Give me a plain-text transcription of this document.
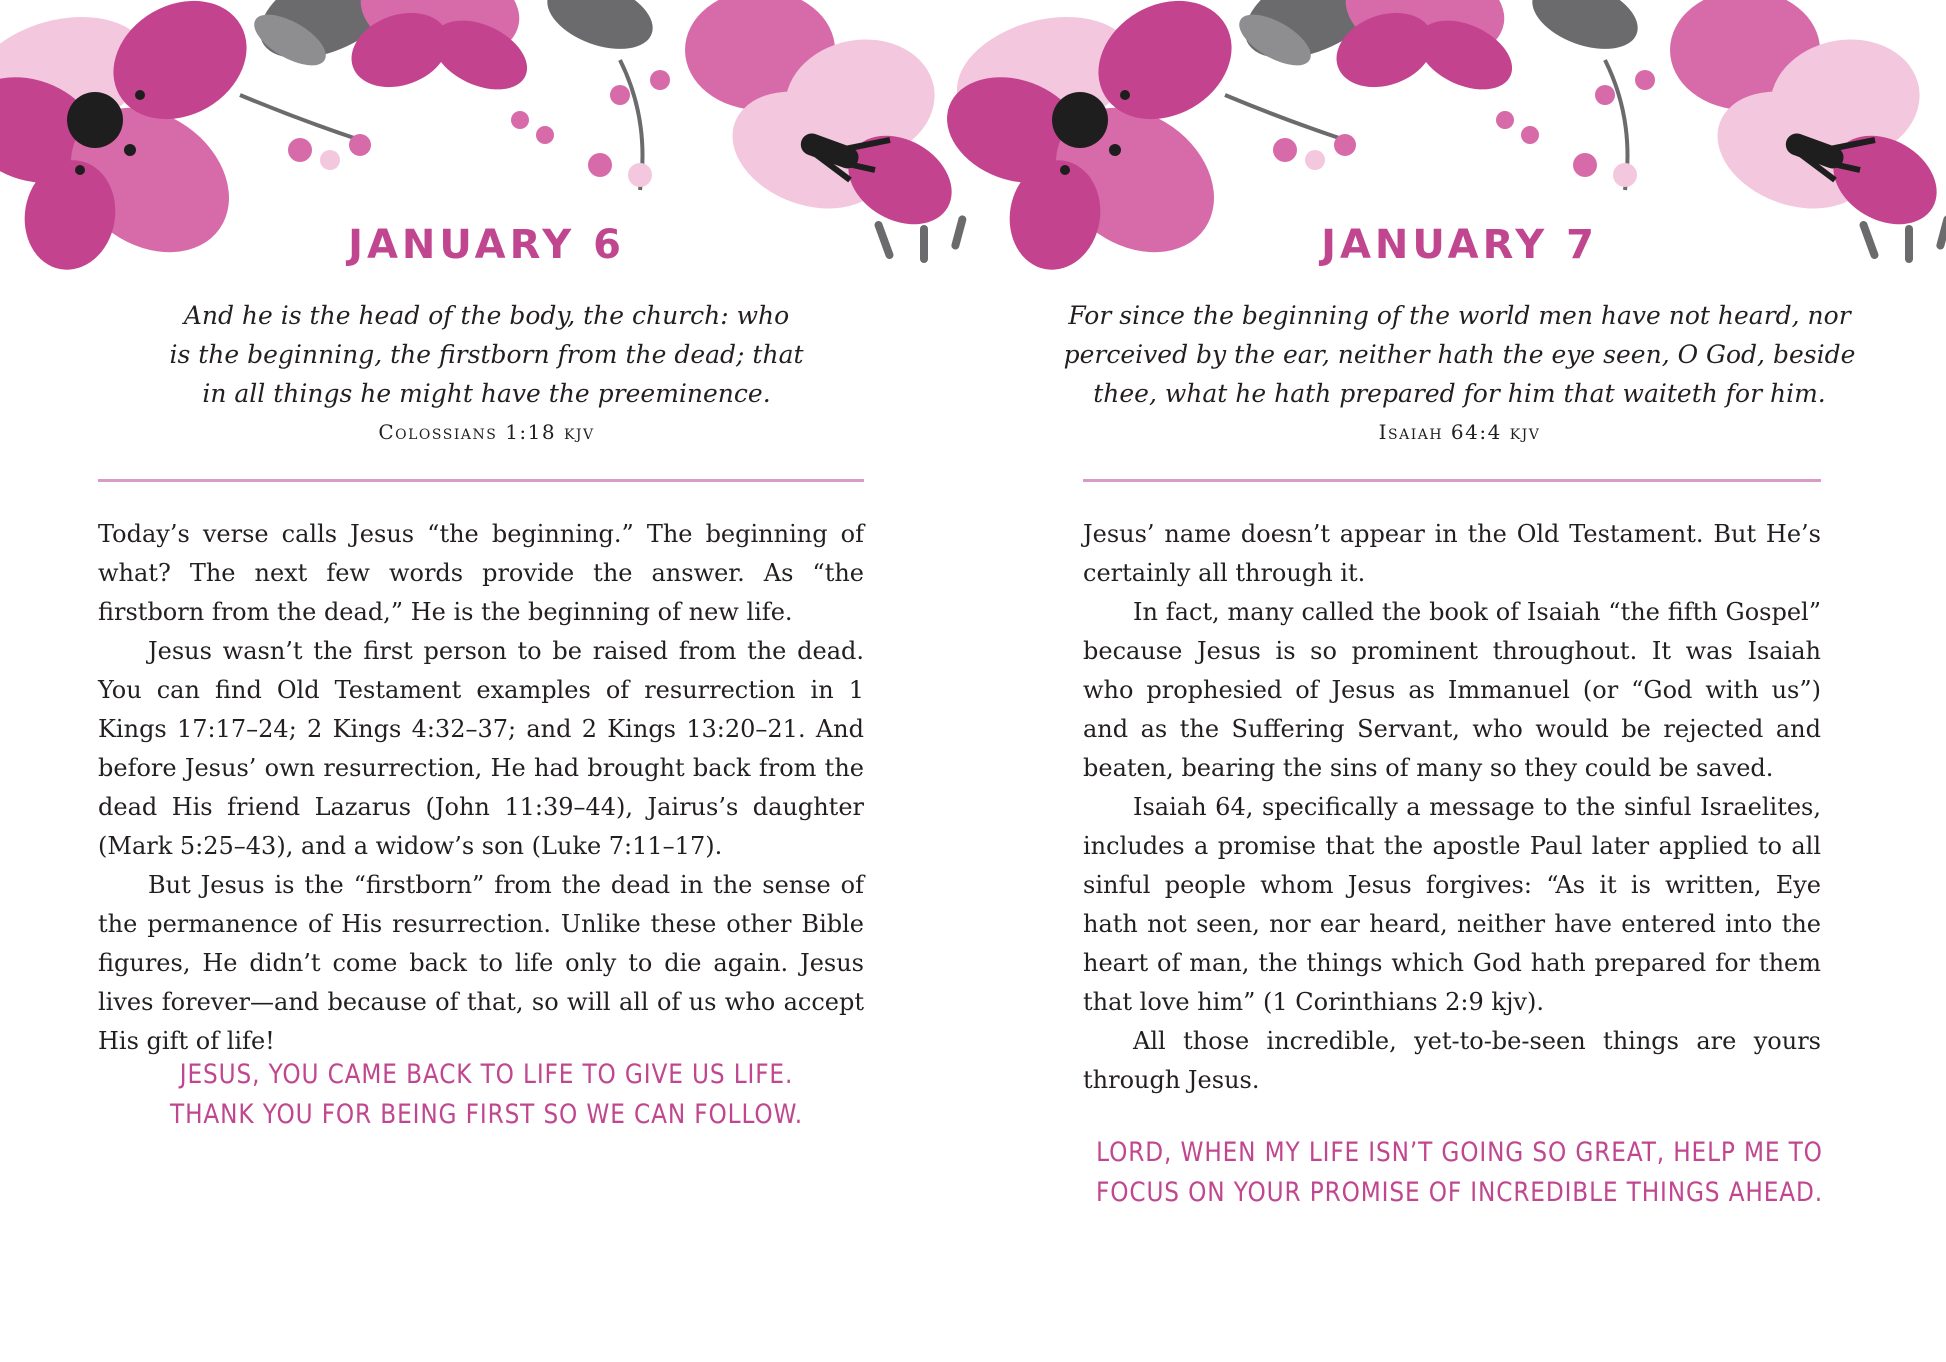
JANUARY 6
And he is the head of the body, the church: who
is the beginning, the firstborn from the dead; that
in all things he might have the preeminence.

Colossians 1:18 kjv

Today’s verse calls Jesus “the beginning.” The beginning of what? The next few words provide the answer. As “the firstborn from the dead,” He is the beginning of new life.

Jesus wasn’t the first person to be raised from the dead. You can find Old Testament examples of resurrection in 1 Kings 17:17–24; 2 Kings 4:32–37; and 2 Kings 13:20–21. And before Jesus’ own resurrection, He had brought back from the dead His friend Lazarus (John 11:39–44), Jairus’s daughter (Mark 5:25–43), and a widow’s son (Luke 7:11–17).

But Jesus is the “firstborn” from the dead in the sense of the permanence of His resurrection. Unlike these other Bible figures, He didn’t come back to life only to die again. Jesus lives forever—and because of that, so will all of us who accept His gift of life!

JESUS, YOU CAME BACK TO LIFE TO GIVE US LIFE.
THANK YOU FOR BEING FIRST SO WE CAN FOLLOW.
JANUARY 7
For since the beginning of the world men have not heard, nor
perceived by the ear, neither hath the eye seen, O God, beside
thee, what he hath prepared for him that waiteth for him.

Isaiah 64:4 kjv

Jesus’ name doesn’t appear in the Old Testament. But He’s certainly all through it.

In fact, many called the book of Isaiah “the fifth Gospel” because Jesus is so prominent throughout. It was Isaiah who prophesied of Jesus as Immanuel (or “God with us”) and as the Suffering Servant, who would be rejected and beaten, bearing the sins of many so they could be saved.

Isaiah 64, specifically a message to the sinful Israelites, includes a promise that the apostle Paul later applied to all sinful people whom Jesus forgives: “As it is written, Eye hath not seen, nor ear heard, neither have entered into the heart of man, the things which God hath prepared for them that love him” (1 Corinthians 2:9 kjv).

All those incredible, yet-to-be-seen things are yours through Jesus.

LORD, WHEN MY LIFE ISN’T GOING SO GREAT, HELP ME TO
FOCUS ON YOUR PROMISE OF INCREDIBLE THINGS AHEAD.
